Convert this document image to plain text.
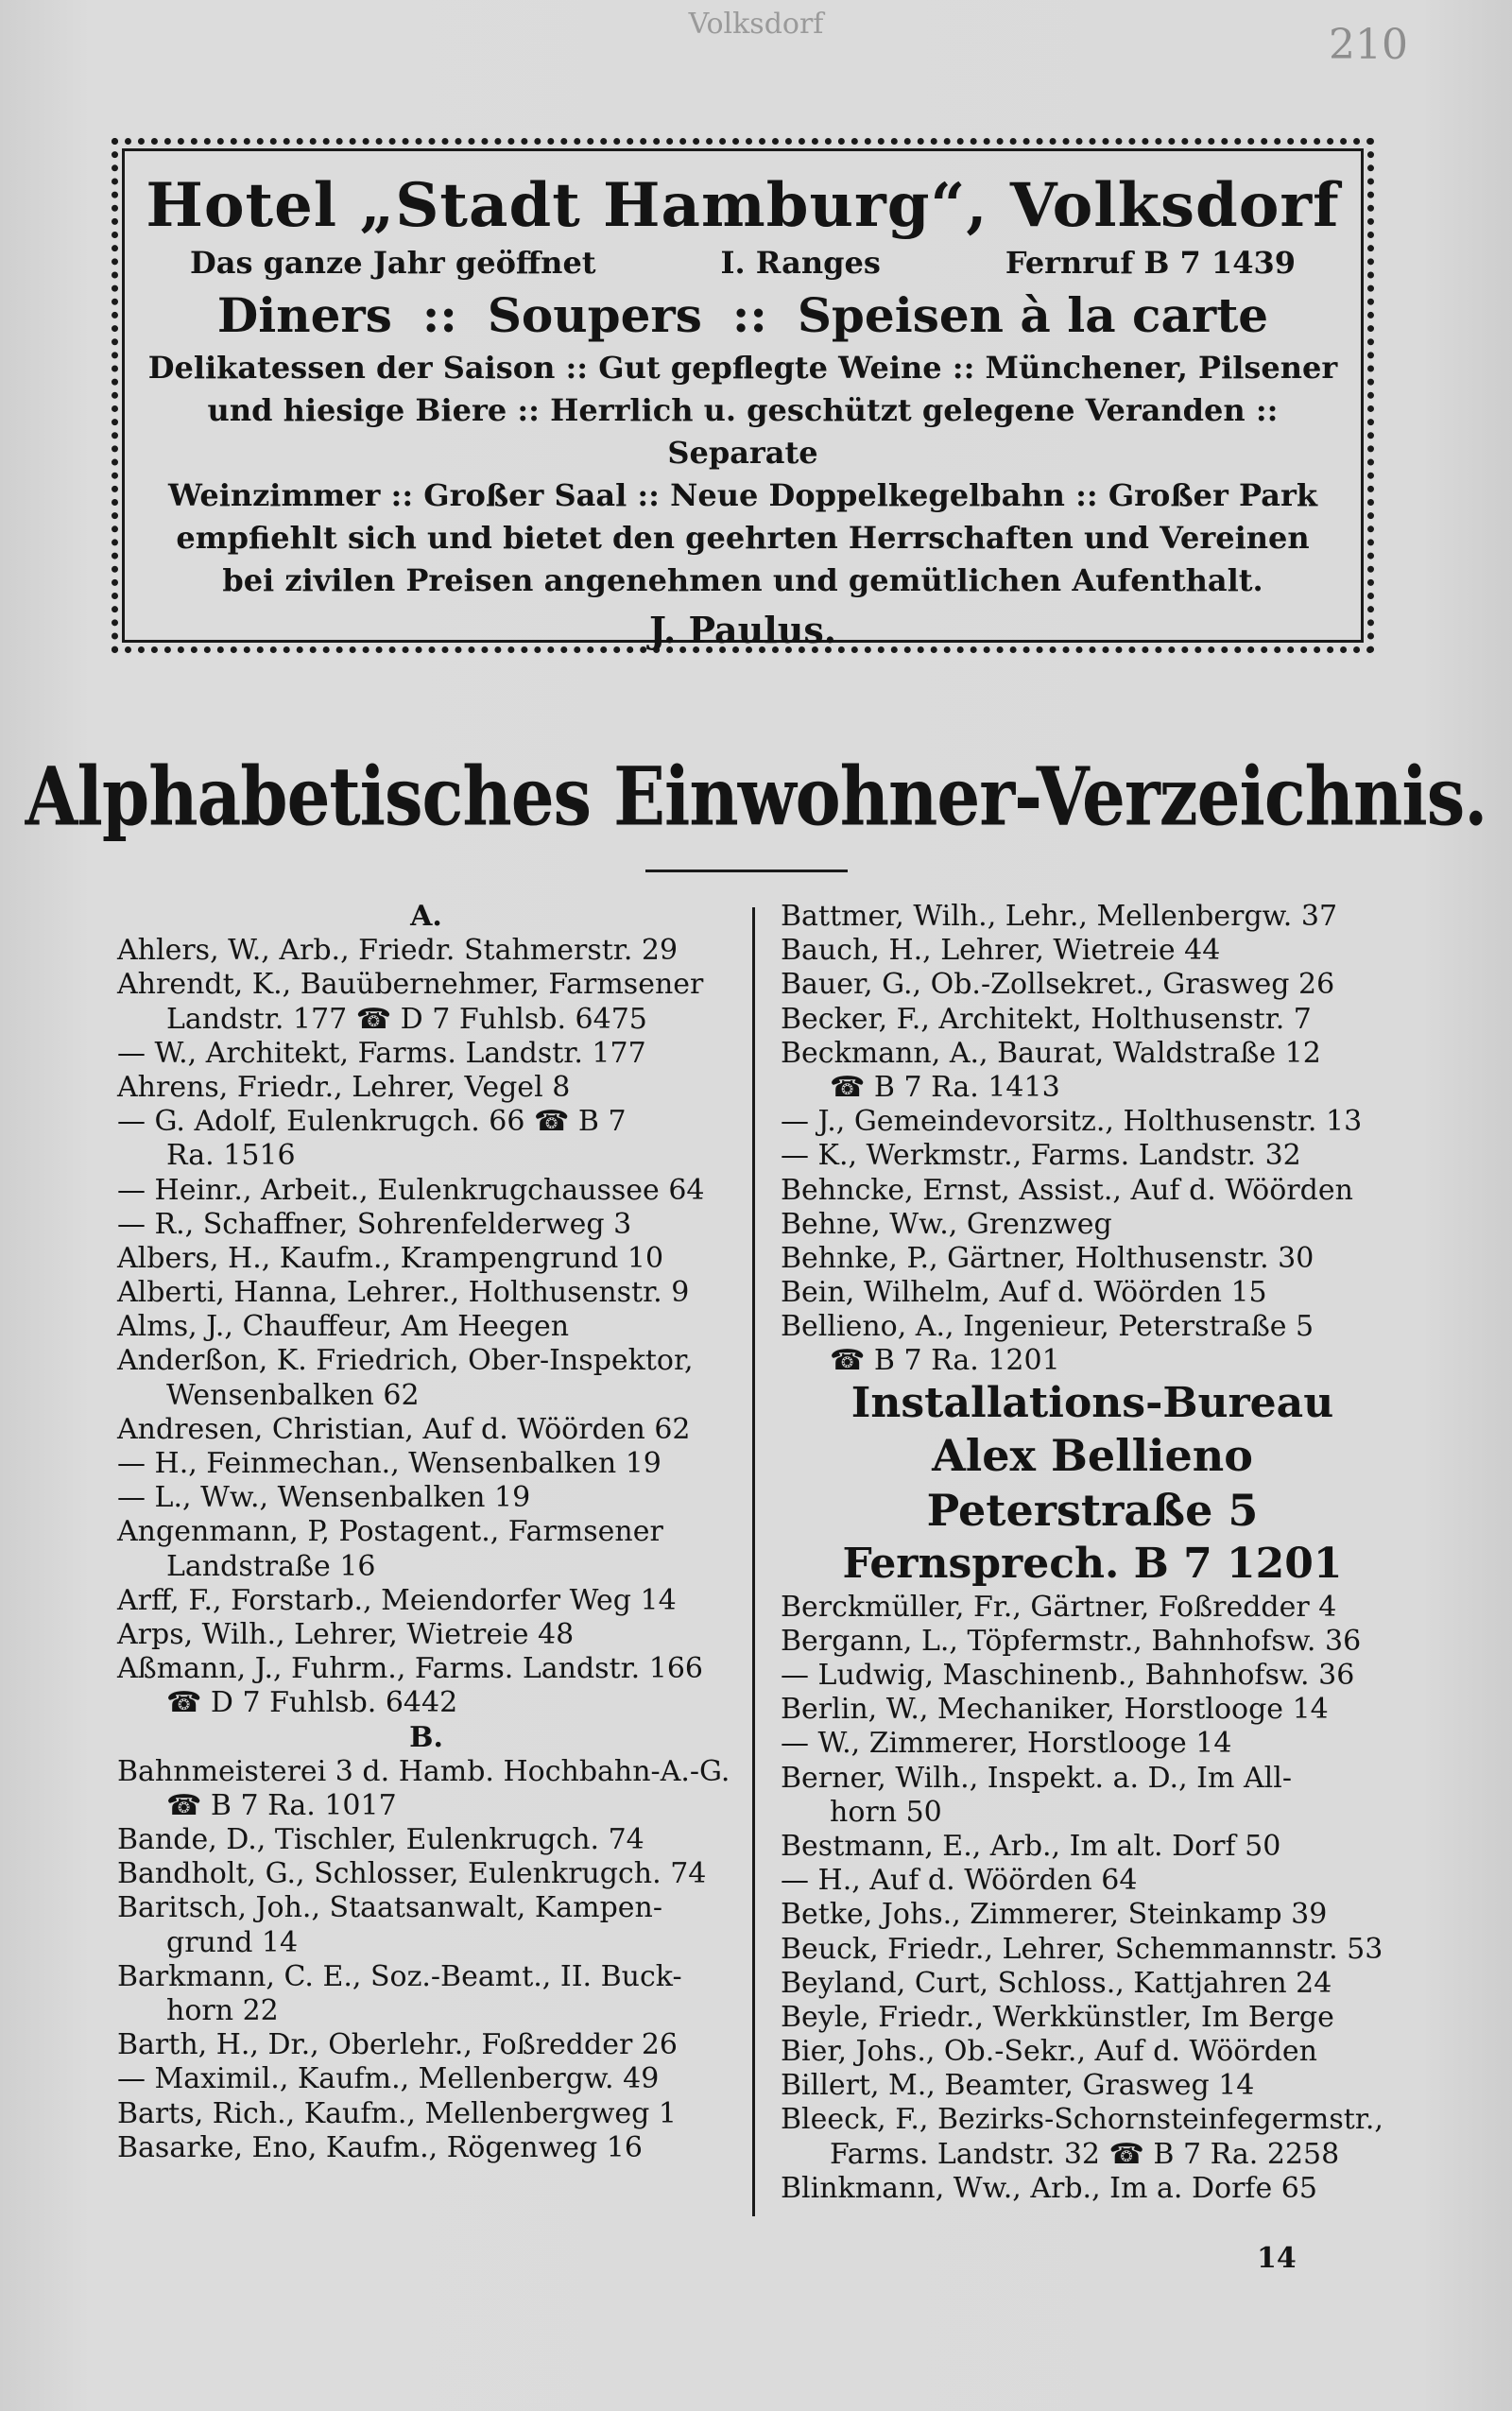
Volksdorf	210
Hotel „Stadt Hamburg“, Volksdorf
Das ganze Jahr geöffnet	I. Ranges	Fernruf B 7 1439
Diners :: Soupers :: Speisen à la carte
Delikatessen der Saison :: Gut gepflegte Weine :: Münchener, Pilsener
und hiesige Biere :: Herrlich u. geschützt gelegene Veranden :: Separate
Weinzimmer :: Großer Saal :: Neue Doppelkegelbahn :: Großer Park
empfiehlt sich und bietet den geehrten Herrschaften und Vereinen
bei zivilen Preisen angenehmen und gemütlichen Aufenthalt.
J. Paulus.
Alphabetisches Einwohner-Verzeichnis.
A.
Ahlers, W., Arb., Friedr. Stahmerstr. 29
Ahrendt, K., Bauübernehmer, Farmsener
Landstr. 177 ☎ D 7 Fuhlsb. 6475
— W., Architekt, Farms. Landstr. 177
Ahrens, Friedr., Lehrer, Vegel 8
— G. Adolf, Eulenkrugch. 66 ☎ B 7
Ra. 1516
— Heinr., Arbeit., Eulenkrugchaussee 64
— R., Schaffner, Sohrenfelderweg 3
Albers, H., Kaufm., Krampengrund 10
Alberti, Hanna, Lehrer., Holthusenstr. 9
Alms, J., Chauffeur, Am Heegen
Anderßon, K. Friedrich, Ober-Inspektor,
Wensenbalken 62
Andresen, Christian, Auf d. Wöörden 62
— H., Feinmechan., Wensenbalken 19
— L., Ww., Wensenbalken 19
Angenmann, P, Postagent., Farmsener
Landstraße 16
Arff, F., Forstarb., Meiendorfer Weg 14
Arps, Wilh., Lehrer, Wietreie 48
Aßmann, J., Fuhrm., Farms. Landstr. 166
☎ D 7 Fuhlsb. 6442
B.
Bahnmeisterei 3 d. Hamb. Hochbahn-A.-G.
☎ B 7 Ra. 1017
Bande, D., Tischler, Eulenkrugch. 74
Bandholt, G., Schlosser, Eulenkrugch. 74
Baritsch, Joh., Staatsanwalt, Kampen-
grund 14
Barkmann, C. E., Soz.-Beamt., II. Buck-
horn 22
Barth, H., Dr., Oberlehr., Foßredder 26
— Maximil., Kaufm., Mellenbergw. 49
Barts, Rich., Kaufm., Mellenbergweg 1
Basarke, Eno, Kaufm., Rögenweg 16
Battmer, Wilh., Lehr., Mellenbergw. 37
Bauch, H., Lehrer, Wietreie 44
Bauer, G., Ob.-Zollsekret., Grasweg 26
Becker, F., Architekt, Holthusenstr. 7
Beckmann, A., Baurat, Waldstraße 12
☎ B 7 Ra. 1413
— J., Gemeindevorsitz., Holthusenstr. 13
— K., Werkmstr., Farms. Landstr. 32
Behncke, Ernst, Assist., Auf d. Wöörden
Behne, Ww., Grenzweg
Behnke, P., Gärtner, Holthusenstr. 30
Bein, Wilhelm, Auf d. Wöörden 15
Bellieno, A., Ingenieur, Peterstraße 5
☎ B 7 Ra. 1201
Installations-Bureau
Alex Bellieno
Peterstraße 5
Fernsprech. B 7 1201
Berckmüller, Fr., Gärtner, Foßredder 4
Bergann, L., Töpfermstr., Bahnhofsw. 36
— Ludwig, Maschinenb., Bahnhofsw. 36
Berlin, W., Mechaniker, Horstlooge 14
— W., Zimmerer, Horstlooge 14
Berner, Wilh., Inspekt. a. D., Im All-
horn 50
Bestmann, E., Arb., Im alt. Dorf 50
— H., Auf d. Wöörden 64
Betke, Johs., Zimmerer, Steinkamp 39
Beuck, Friedr., Lehrer, Schemmannstr. 53
Beyland, Curt, Schloss., Kattjahren 24
Beyle, Friedr., Werkkünstler, Im Berge
Bier, Johs., Ob.-Sekr., Auf d. Wöörden
Billert, M., Beamter, Grasweg 14
Bleeck, F., Bezirks-Schornsteinfegermstr.,
Farms. Landstr. 32 ☎ B 7 Ra. 2258
Blinkmann, Ww., Arb., Im a. Dorfe 65
14
